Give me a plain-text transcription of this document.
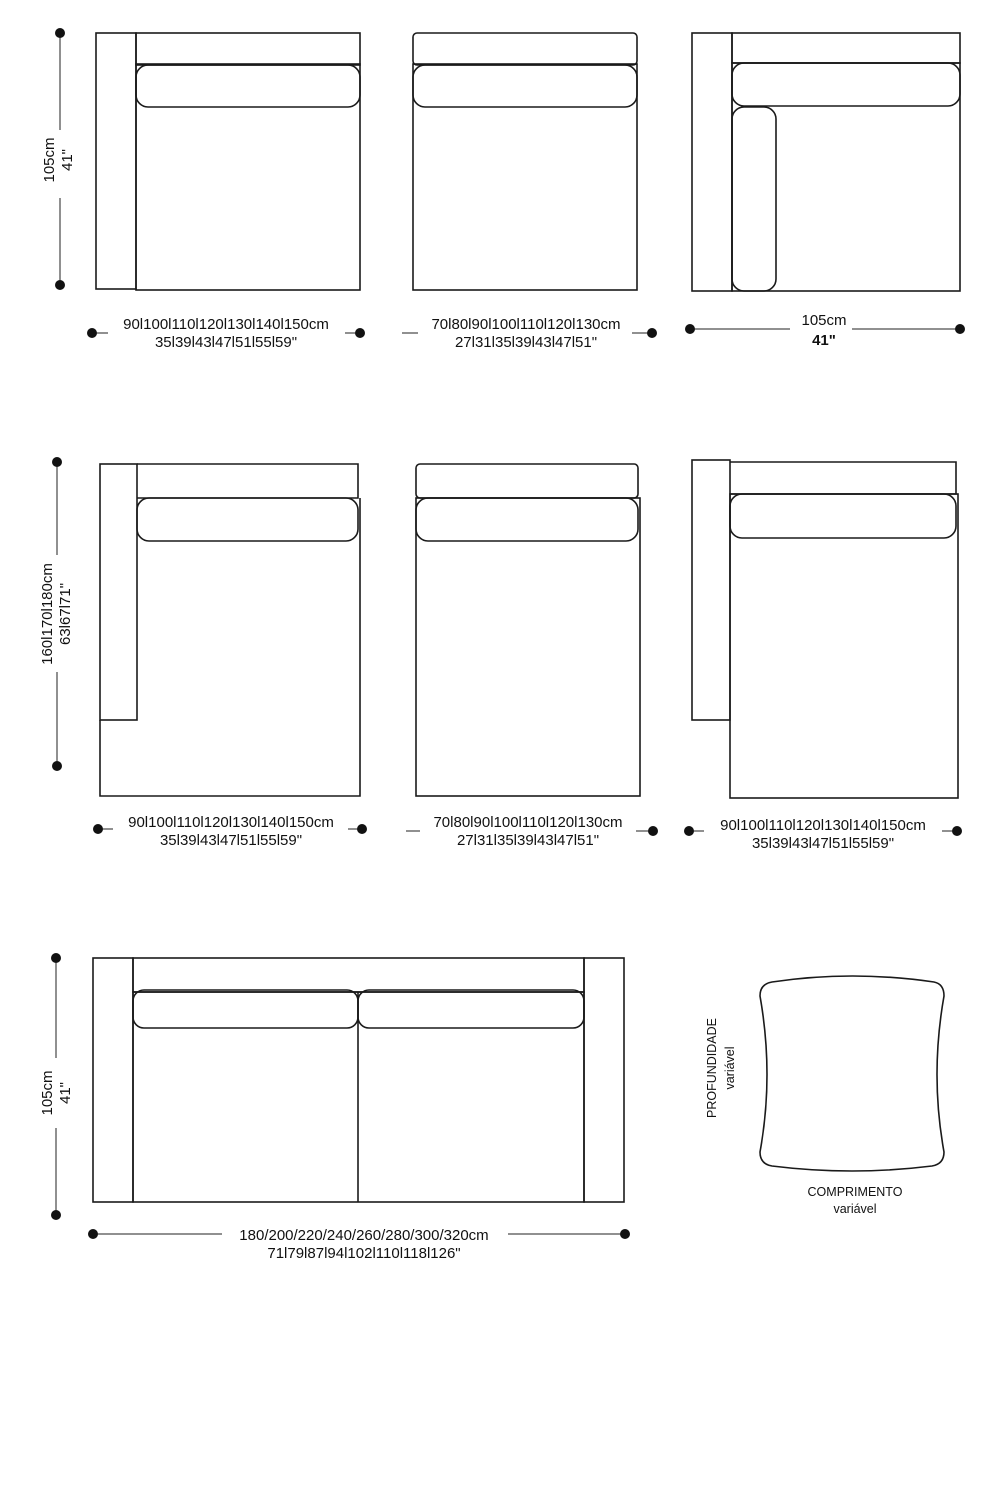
105cm 41"
90l100l110l120l130l140l150cm
35l39l43l47l51l55l59"
70l80l90l100l110l120l130cm
27l31l35l39l43l47l51"
105cm
41"
160l170l180cm 63l67l71"
90l100l110l120l130l140l150cm
35l39l43l47l51l55l59"
70l80l90l100l110l120l130cm
27l31l35l39l43l47l51"
90l100l110l120l130l140l150cm
35l39l43l47l51l55l59"
105cm 41"
180/200/220/240/260/280/300/320cm
71l79l87l94l102l110l118l126"
PROFUNDIDADE variável
COMPRIMENTO
variável
